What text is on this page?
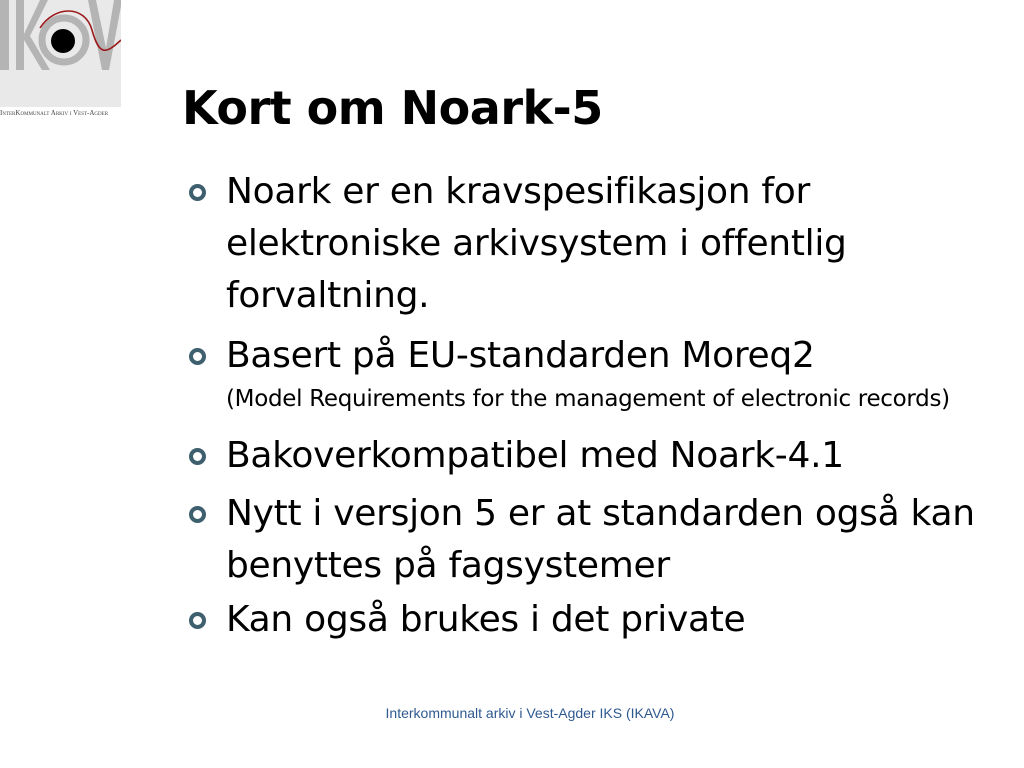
InterKommunalt Arkiv i Vest-Agder	Kort om Noark-5
Noark er en kravspesifikasjon for elektroniske arkivsystem i offentlig forvaltning.
Basert på EU-standarden Moreq2
(Model Requirements for the management of electronic records)
Bakoverkompatibel med Noark-4.1
Nytt i versjon 5 er at standarden også kan benyttes på fagsystemer
Kan også brukes i det private
Interkommunalt arkiv i Vest-Agder IKS (IKAVA)
